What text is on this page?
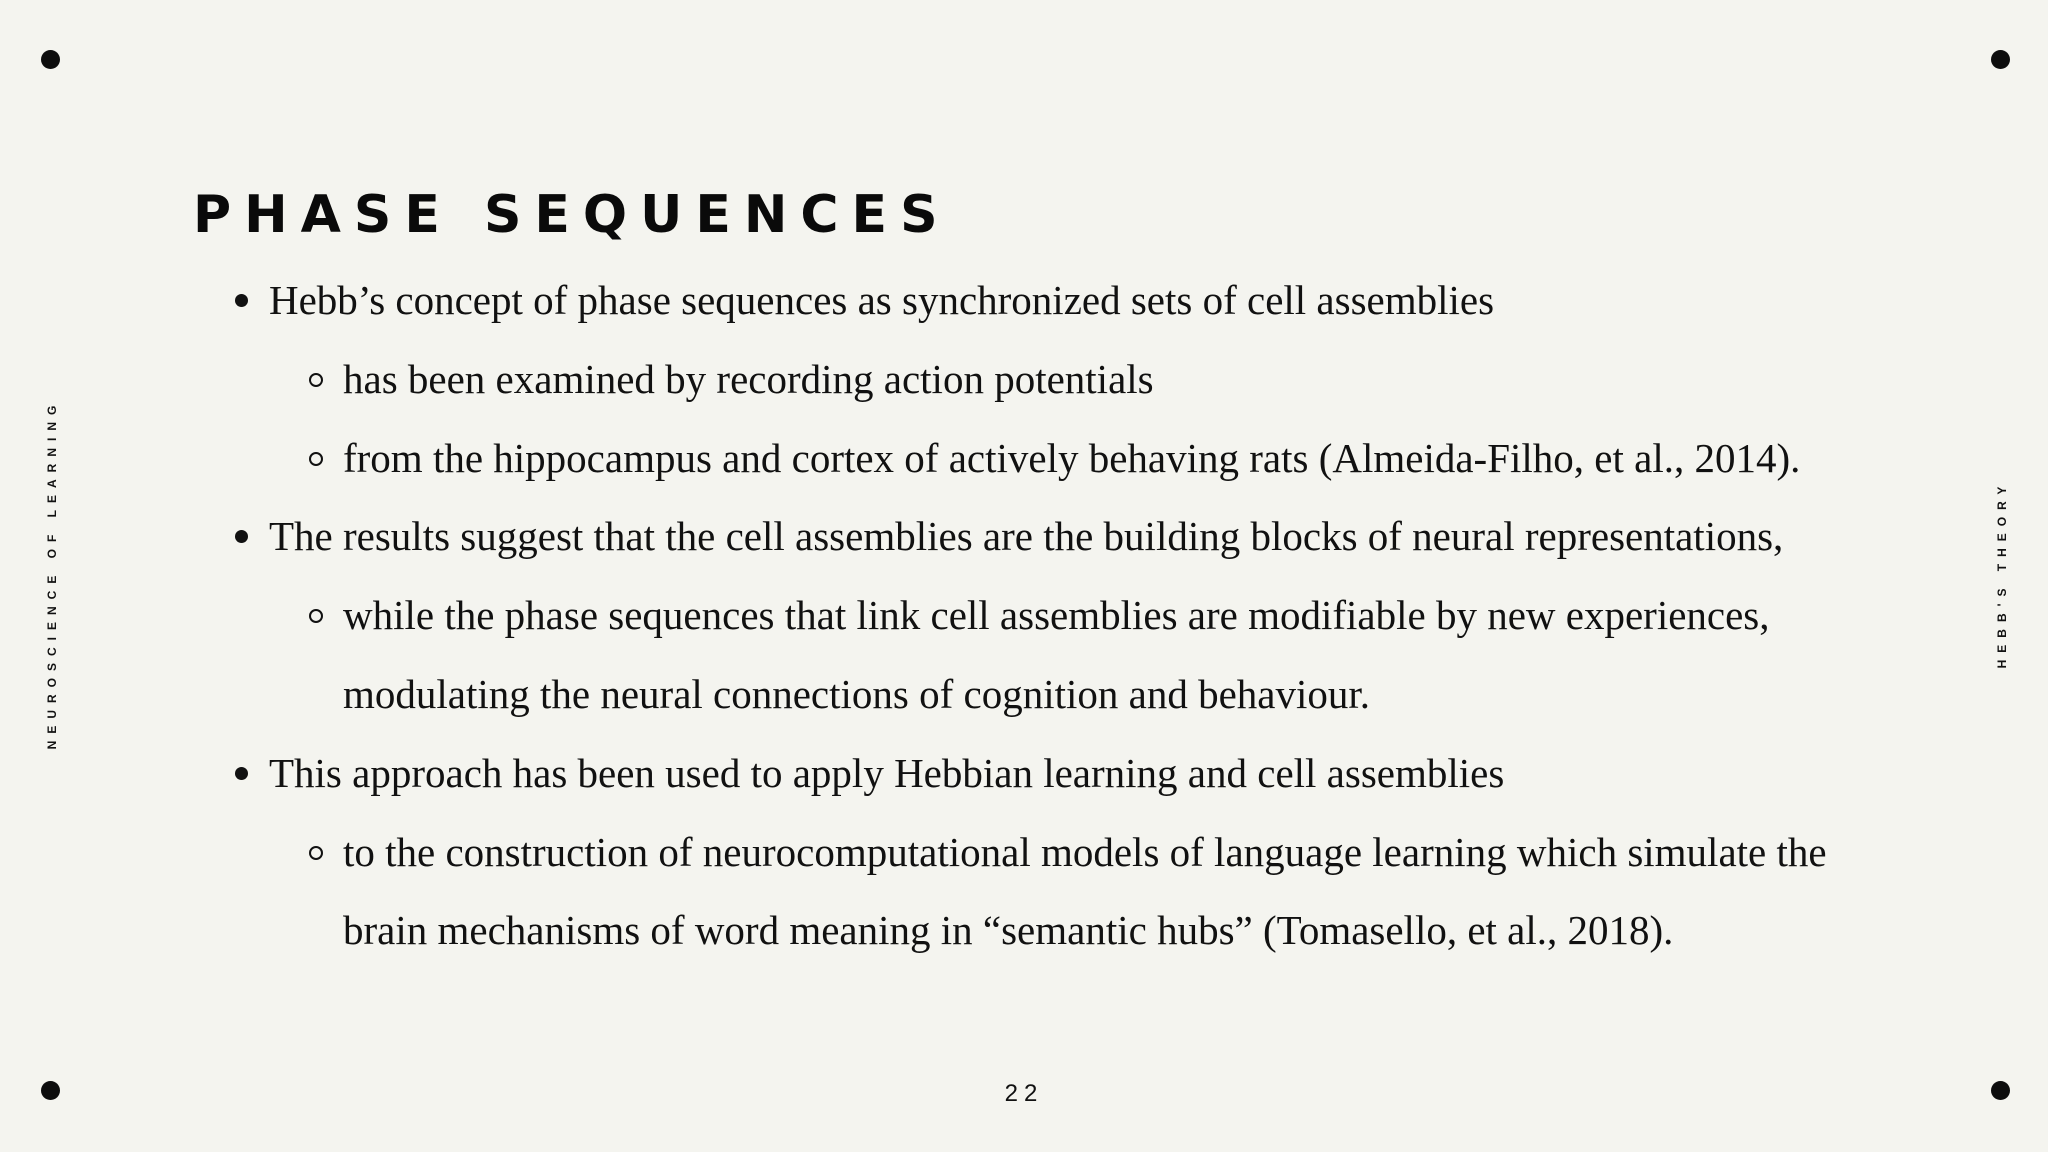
NEUROSCIENCE OF LEARNING	HEBB'S THEORY
PHASE SEQUENCES
Hebb’s concept of phase sequences as synchronized sets of cell assemblies
has been examined by recording action potentials
from the hippocampus and cortex of actively behaving rats (Almeida-Filho, et al., 2014).
The results suggest that the cell assemblies are the building blocks of neural representations,
while the phase sequences that link cell assemblies are modifiable by new experiences,
modulating the neural connections of cognition and behaviour.
This approach has been used to apply Hebbian learning and cell assemblies
to the construction of neurocomputational models of language learning which simulate the
brain mechanisms of word meaning in “semantic hubs” (Tomasello, et al., 2018).
22
